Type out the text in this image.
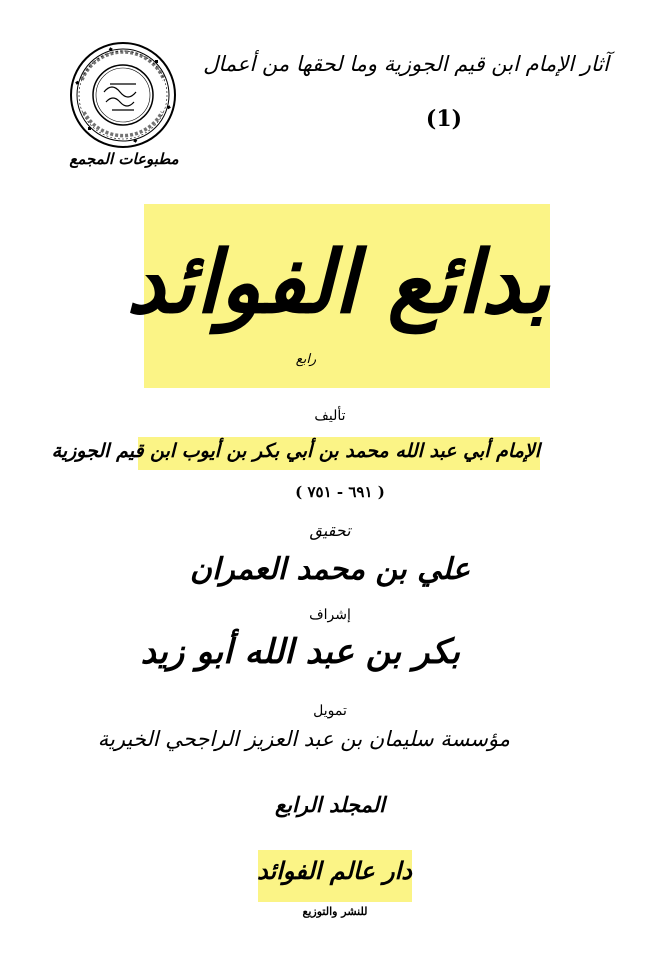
آثار الإمام ابن قيم الجوزية وما لحقها من أعمال
(1)
مطبوعات المجمع
بدائع الفوائد
رابع
تأليف
الإمام أبي عبد الله محمد بن أبي بكر بن أيوب ابن قيم الجوزية
( ٦٩١ - ٧٥١ )
تحقيق
علي بن محمد العمران
إشراف
بكر بن عبد الله أبو زيد
تمويل
مؤسسة سليمان بن عبد العزيز الراجحي الخيرية
المجلد الرابع
دار عالم الفوائد
للنشر والتوزيع
